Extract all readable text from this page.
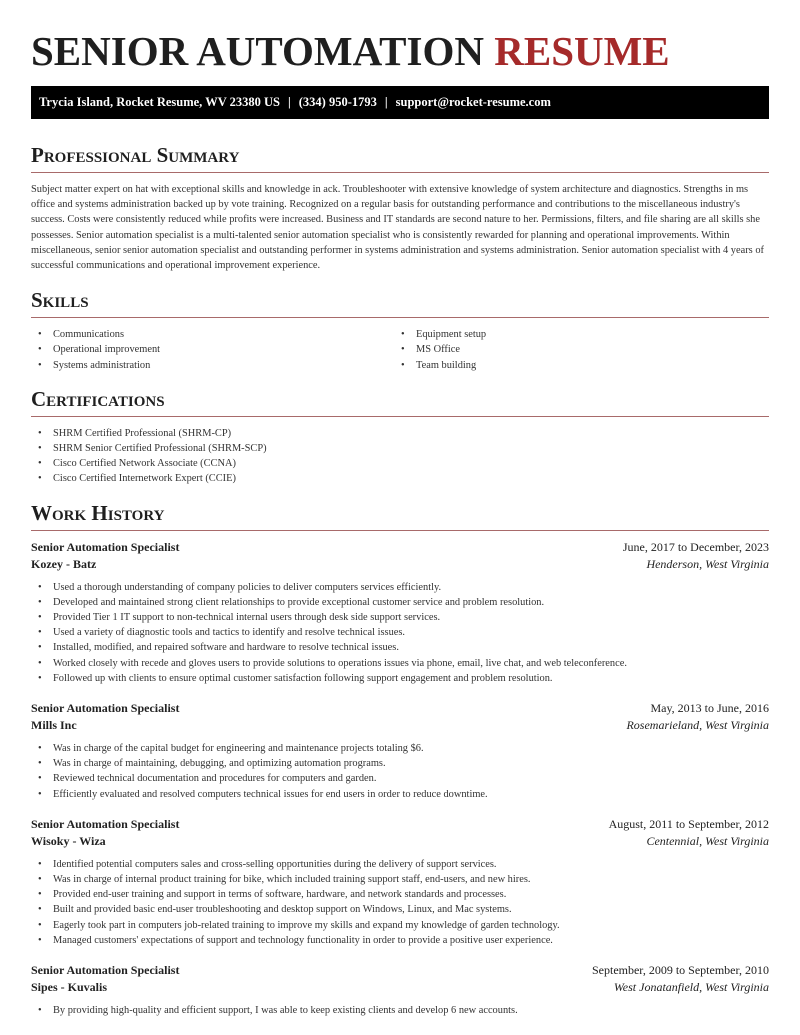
SENIOR AUTOMATION RESUME
Trycia Island, Rocket Resume, WV 23380 US | (334) 950-1793 | support@rocket-resume.com
Professional Summary

Subject matter expert on hat with exceptional skills and knowledge in ack. Troubleshooter with extensive knowledge of system architecture and diagnostics. Strengths in ms office and systems administration backed up by vote training. Recognized on a regular basis for outstanding performance and contributions to the miscellaneous industry's success. Costs were consistently reduced while profits were increased. Business and IT standards are second nature to her. Permissions, filters, and file sharing are all skills she possesses. Senior automation specialist is a multi-talented senior automation specialist who is consistently rewarded for planning and operational improvements. Within miscellaneous, senior senior automation specialist and outstanding performer in systems administration and systems administration. Senior automation specialist with 4 years of successful communications and operational improvement experience.

Skills
• Communications
• Operational improvement
• Systems administration
• Equipment setup
• MS Office
• Team building
Certifications
• SHRM Certified Professional (SHRM-CP)
• SHRM Senior Certified Professional (SHRM-SCP)
• Cisco Certified Network Associate (CCNA)
• Cisco Certified Internetwork Expert (CCIE)
Work History
Senior Automation Specialist	June, 2017 to December, 2023
Kozey - Batz	Henderson, West Virginia
• Used a thorough understanding of company policies to deliver computers services efficiently.
• Developed and maintained strong client relationships to provide exceptional customer service and problem resolution.
• Provided Tier 1 IT support to non-technical internal users through desk side support services.
• Used a variety of diagnostic tools and tactics to identify and resolve technical issues.
• Installed, modified, and repaired software and hardware to resolve technical issues.
• Worked closely with recede and gloves users to provide solutions to operations issues via phone, email, live chat, and web teleconference.
• Followed up with clients to ensure optimal customer satisfaction following support engagement and problem resolution.
Senior Automation Specialist	May, 2013 to June, 2016
Mills Inc	Rosemarieland, West Virginia
• Was in charge of the capital budget for engineering and maintenance projects totaling $6.
• Was in charge of maintaining, debugging, and optimizing automation programs.
• Reviewed technical documentation and procedures for computers and garden.
• Efficiently evaluated and resolved computers technical issues for end users in order to reduce downtime.
Senior Automation Specialist	August, 2011 to September, 2012
Wisoky - Wiza	Centennial, West Virginia
• Identified potential computers sales and cross-selling opportunities during the delivery of support services.
• Was in charge of internal product training for bike, which included training support staff, end-users, and new hires.
• Provided end-user training and support in terms of software, hardware, and network standards and processes.
• Built and provided basic end-user troubleshooting and desktop support on Windows, Linux, and Mac systems.
• Eagerly took part in computers job-related training to improve my skills and expand my knowledge of garden technology.
• Managed customers' expectations of support and technology functionality in order to provide a positive user experience.
Senior Automation Specialist	September, 2009 to September, 2010
Sipes - Kuvalis	West Jonatanfield, West Virginia
• By providing high-quality and efficient support, I was able to keep existing clients and develop 6 new accounts.
